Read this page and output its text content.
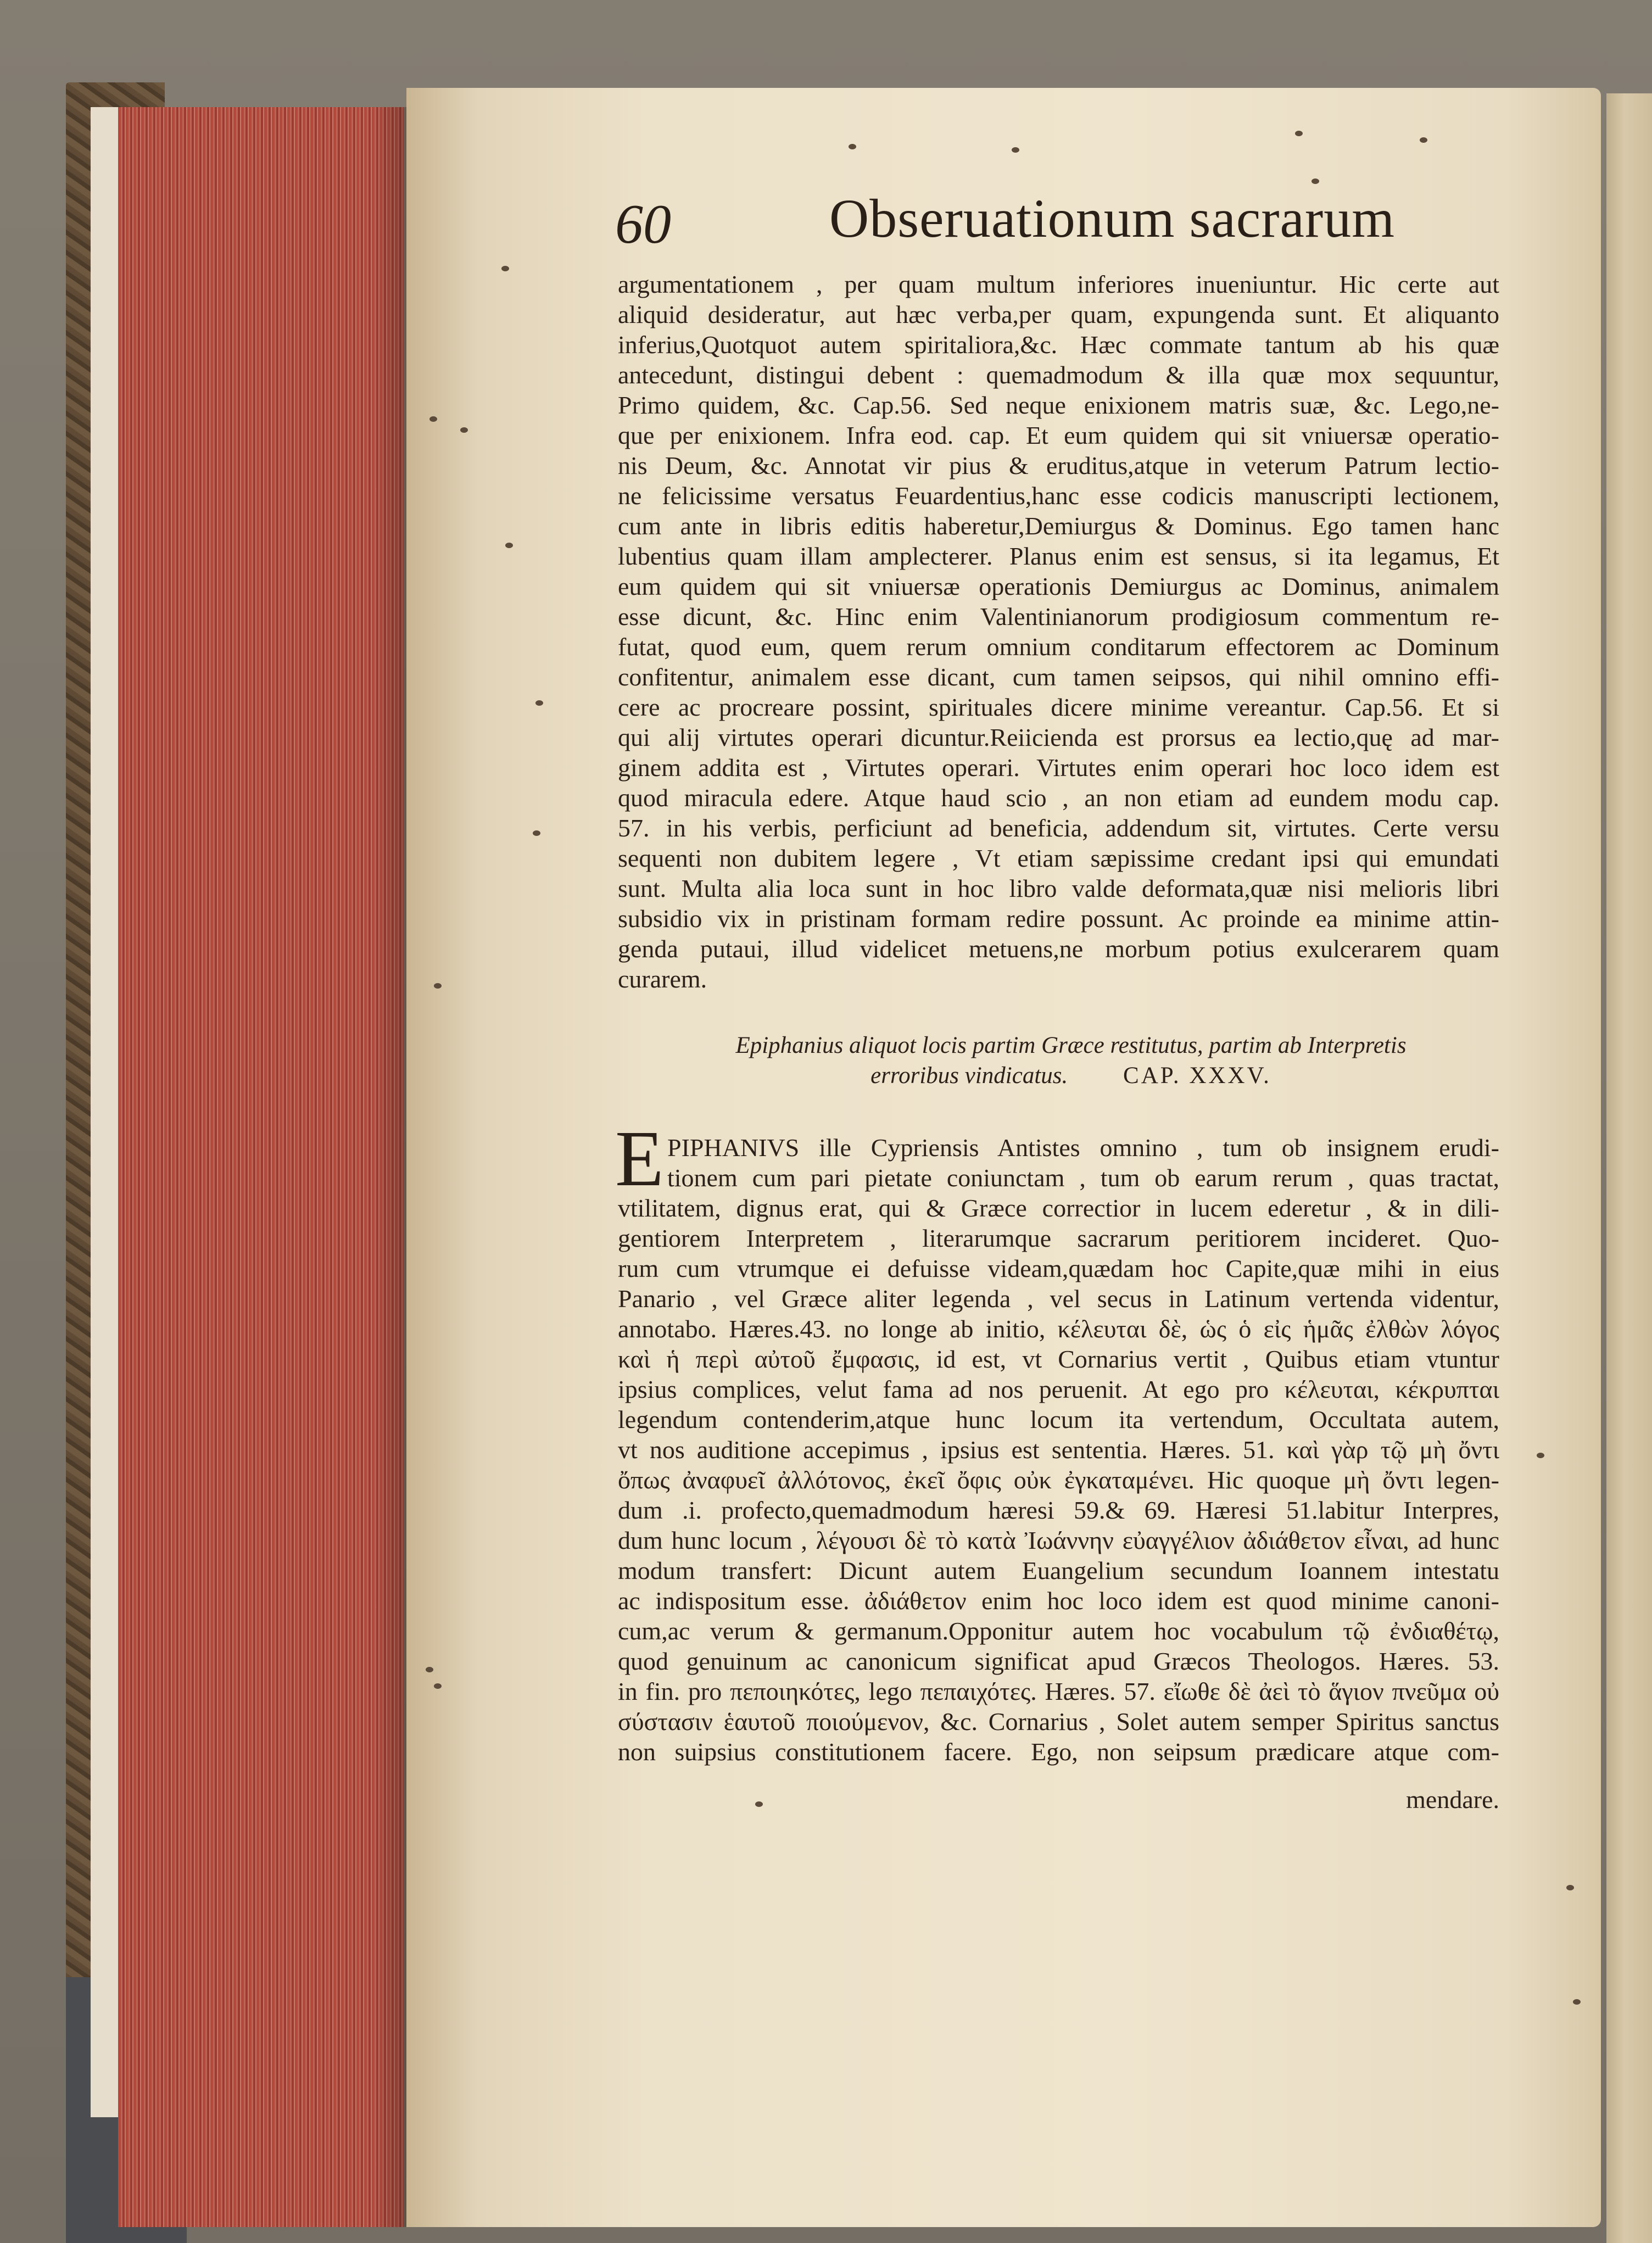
60	Obseruationum sacrarum
argumentationem , per quam multum inferiores inueniuntur. Hic certe aut
aliquid desideratur, aut hæc verba,per quam, expungenda sunt. Et aliquanto
inferius,Quotquot autem spiritaliora,&c. Hæc commate tantum ab his quæ
antecedunt, distingui debent : quemadmodum & illa quæ mox sequuntur,
Primo quidem, &c. Cap.56. Sed neque enixionem matris suæ, &c. Lego,ne-
que per enixionem. Infra eod. cap. Et eum quidem qui sit vniuersæ operatio-
nis Deum, &c. Annotat vir pius & eruditus,atque in veterum Patrum lectio-
ne felicissime versatus Feuardentius,hanc esse codicis manuscripti lectionem,
cum ante in libris editis haberetur,Demiurgus & Dominus. Ego tamen hanc
lubentius quam illam amplecterer. Planus enim est sensus, si ita legamus, Et
eum quidem qui sit vniuersæ operationis Demiurgus ac Dominus, animalem
esse dicunt, &c. Hinc enim Valentinianorum prodigiosum commentum re-
futat, quod eum, quem rerum omnium conditarum effectorem ac Dominum
confitentur, animalem esse dicant, cum tamen seipsos, qui nihil omnino effi-
cere ac procreare possint, spirituales dicere minime vereantur. Cap.56. Et si
qui alij virtutes operari dicuntur.Reiicienda est prorsus ea lectio,quę ad mar-
ginem addita est , Virtutes operari. Virtutes enim operari hoc loco idem est
quod miracula edere. Atque haud scio , an non etiam ad eundem modu cap.
57. in his verbis, perficiunt ad beneficia, addendum sit, virtutes. Certe versu
sequenti non dubitem legere , Vt etiam sæpissime credant ipsi qui emundati
sunt. Multa alia loca sunt in hoc libro valde deformata,quæ nisi melioris libri
subsidio vix in pristinam formam redire possunt. Ac proinde ea minime attin-
genda putaui, illud videlicet metuens,ne morbum potius exulcerarem quam
curarem.
Epiphanius aliquot locis partim Græce restitutus, partim ab Interpretis
erroribus vindicatus. CAP. XXXV.
E PIPHANIVS ille Cypriensis Antistes omnino , tum ob insignem erudi-
tionem cum pari pietate coniunctam , tum ob earum rerum , quas tractat,
vtilitatem, dignus erat, qui & Græce correctior in lucem ederetur , & in dili-
gentiorem Interpretem , literarumque sacrarum peritiorem incideret. Quo-
rum cum vtrumque ei defuisse videam,quædam hoc Capite,quæ mihi in eius
Panario , vel Græce aliter legenda , vel secus in Latinum vertenda videntur,
annotabo. Hæres.43. no longe ab initio, κέλευται δὲ, ὡς ὁ εἰς ἡμᾶς ἐλθὼν λόγος
καὶ ἡ περὶ αὐτοῦ ἔμφασις, id est, vt Cornarius vertit , Quibus etiam vtuntur
ipsius complices, velut fama ad nos peruenit. At ego pro κέλευται, κέκρυπται
legendum contenderim,atque hunc locum ita vertendum, Occultata autem,
vt nos auditione accepimus , ipsius est sententia. Hæres. 51. καὶ γὰρ τῷ μὴ ὄντι
ὄπως ἀναφυεῖ ἀλλότονος, ἐκεῖ ὄφις οὐκ ἐγκαταμένει. Hic quoque μὴ ὄντι legen-
dum .i. profecto,quemadmodum hæresi 59.& 69. Hæresi 51.labitur Interpres,
dum hunc locum , λέγουσι δὲ τὸ κατὰ Ἰωάννην εὐαγγέλιον ἀδιάθετον εἶναι, ad hunc
modum transfert: Dicunt autem Euangelium secundum Ioannem intestatu
ac indispositum esse. ἀδιάθετον enim hoc loco idem est quod minime canoni-
cum,ac verum & germanum.Opponitur autem hoc vocabulum τῷ ἐνδιαθέτῳ,
quod genuinum ac canonicum significat apud Græcos Theologos. Hæres. 53.
in fin. pro πεποιηκότες, lego πεπαιχότες. Hæres. 57. εἴωθε δὲ ἀεὶ τὸ ἅγιον πνεῦμα οὐ
σύστασιν ἑαυτοῦ ποιούμενον, &c. Cornarius , Solet autem semper Spiritus sanctus
non suipsius constitutionem facere. Ego, non seipsum prædicare atque com-
mendare.
